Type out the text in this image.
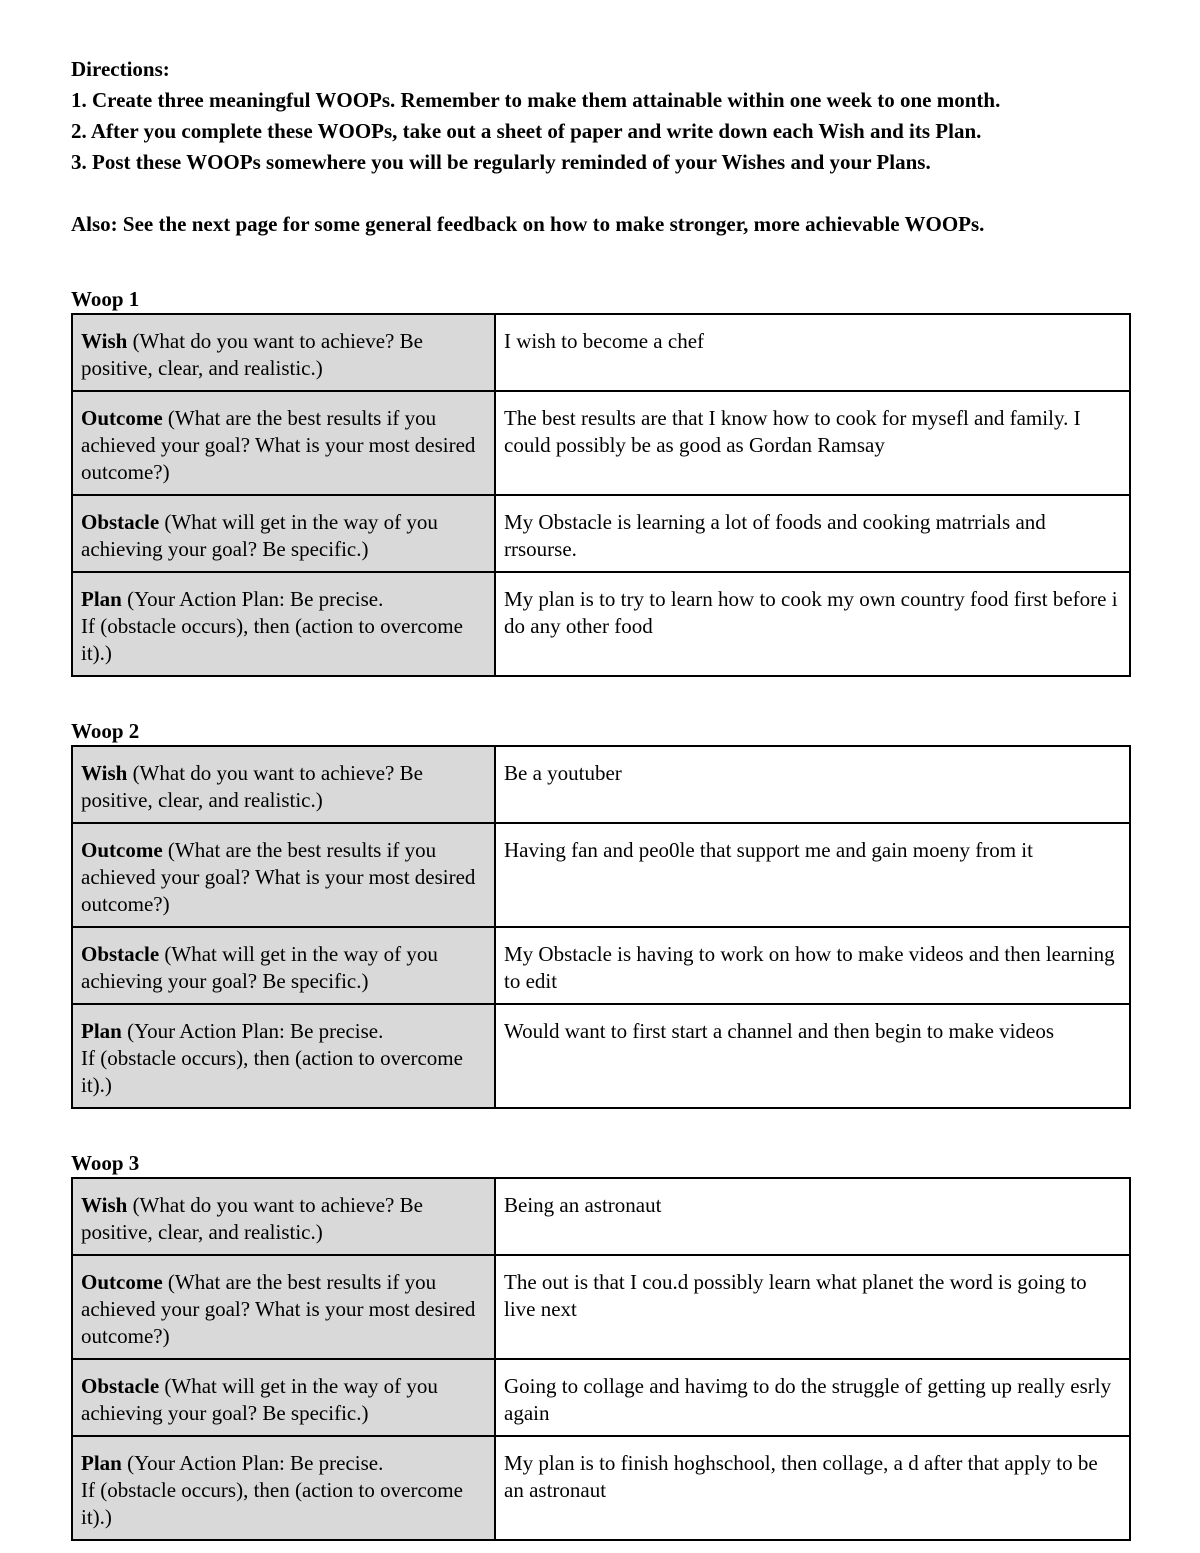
Directions:
1. Create three meaningful WOOPs. Remember to make them attainable within one week to one month.
2. After you complete these WOOPs, take out a sheet of paper and write down each Wish and its Plan.
3. Post these WOOPs somewhere you will be regularly reminded of your Wishes and your Plans.
Also: See the next page for some general feedback on how to make stronger, more achievable WOOPs.
Woop 1
Wish (What do you want to achieve? Be positive, clear, and realistic.)	I wish to become a chef
Outcome (What are the best results if you achieved your goal? What is your most desired outcome?)	The best results are that I know how to cook for mysefl and family. I could possibly be as good as Gordan Ramsay
Obstacle (What will get in the way of you achieving your goal? Be specific.)	My Obstacle is learning a lot of foods and cooking matrrials and rrsourse.
Plan (Your Action Plan: Be precise.
If (obstacle occurs), then (action to overcome it).)	My plan is to try to learn how to cook my own country food first before i do any other food
Woop 2
Wish (What do you want to achieve? Be positive, clear, and realistic.)	Be a youtuber
Outcome (What are the best results if you achieved your goal? What is your most desired outcome?)	Having fan and peo0le that support me and gain moeny from it
Obstacle (What will get in the way of you achieving your goal? Be specific.)	My Obstacle is having to work on how to make videos and then learning to edit
Plan (Your Action Plan: Be precise.
If (obstacle occurs), then (action to overcome it).)	Would want to first start a channel and then begin to make videos
Woop 3
Wish (What do you want to achieve? Be positive, clear, and realistic.)	Being an astronaut
Outcome (What are the best results if you achieved your goal? What is your most desired outcome?)	The out is that I cou.d possibly learn what planet the word is going to live next
Obstacle (What will get in the way of you achieving your goal? Be specific.)	Going to collage and havimg to do the struggle of getting up really esrly again
Plan (Your Action Plan: Be precise.
If (obstacle occurs), then (action to overcome it).)	My plan is to finish hoghschool, then collage, a d after that apply to be an astronaut
